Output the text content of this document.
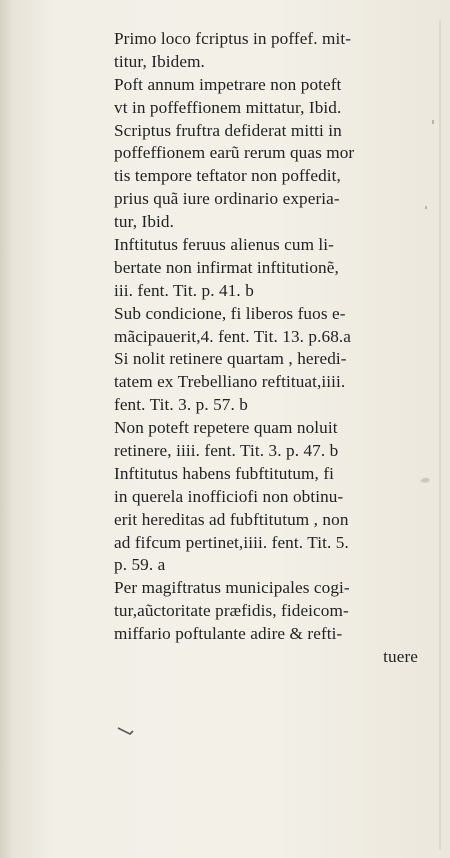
Primo loco fcriptus in poffef. mit-
titur, Ibidem.
Poft annum impetrare non poteft
vt in poffeffionem mittatur, Ibid.
Scriptus fruftra defiderat mitti in
poffeffionem earũ rerum quas mor
tis tempore teftator non poffedit,
prius quã iure ordinario experia-
tur, Ibid.
Inftitutus feruus alienus cum li-
bertate non infirmat inftitutionẽ,
iii. fent. Tit. p. 41. b
Sub condicione, fi liberos fuos e-
mãcipauerit,4. fent. Tit. 13. p.68.a
Si nolit retinere quartam , heredi-
tatem ex Trebelliano reftituat,iiii.
fent. Tit. 3. p. 57. b
Non poteft repetere quam noluit
retinere, iiii. fent. Tit. 3. p. 47. b
Inftitutus habens fubftitutum, fi
in querela inofficiofi non obtinu-
erit hereditas ad fubftitutum , non
ad fifcum pertinet,iiii. fent. Tit. 5.
p. 59. a
Per magiftratus municipales cogi-
tur,aũctoritate præfidis, fideicom-
miffario poftulante adire & refti-
tuere
